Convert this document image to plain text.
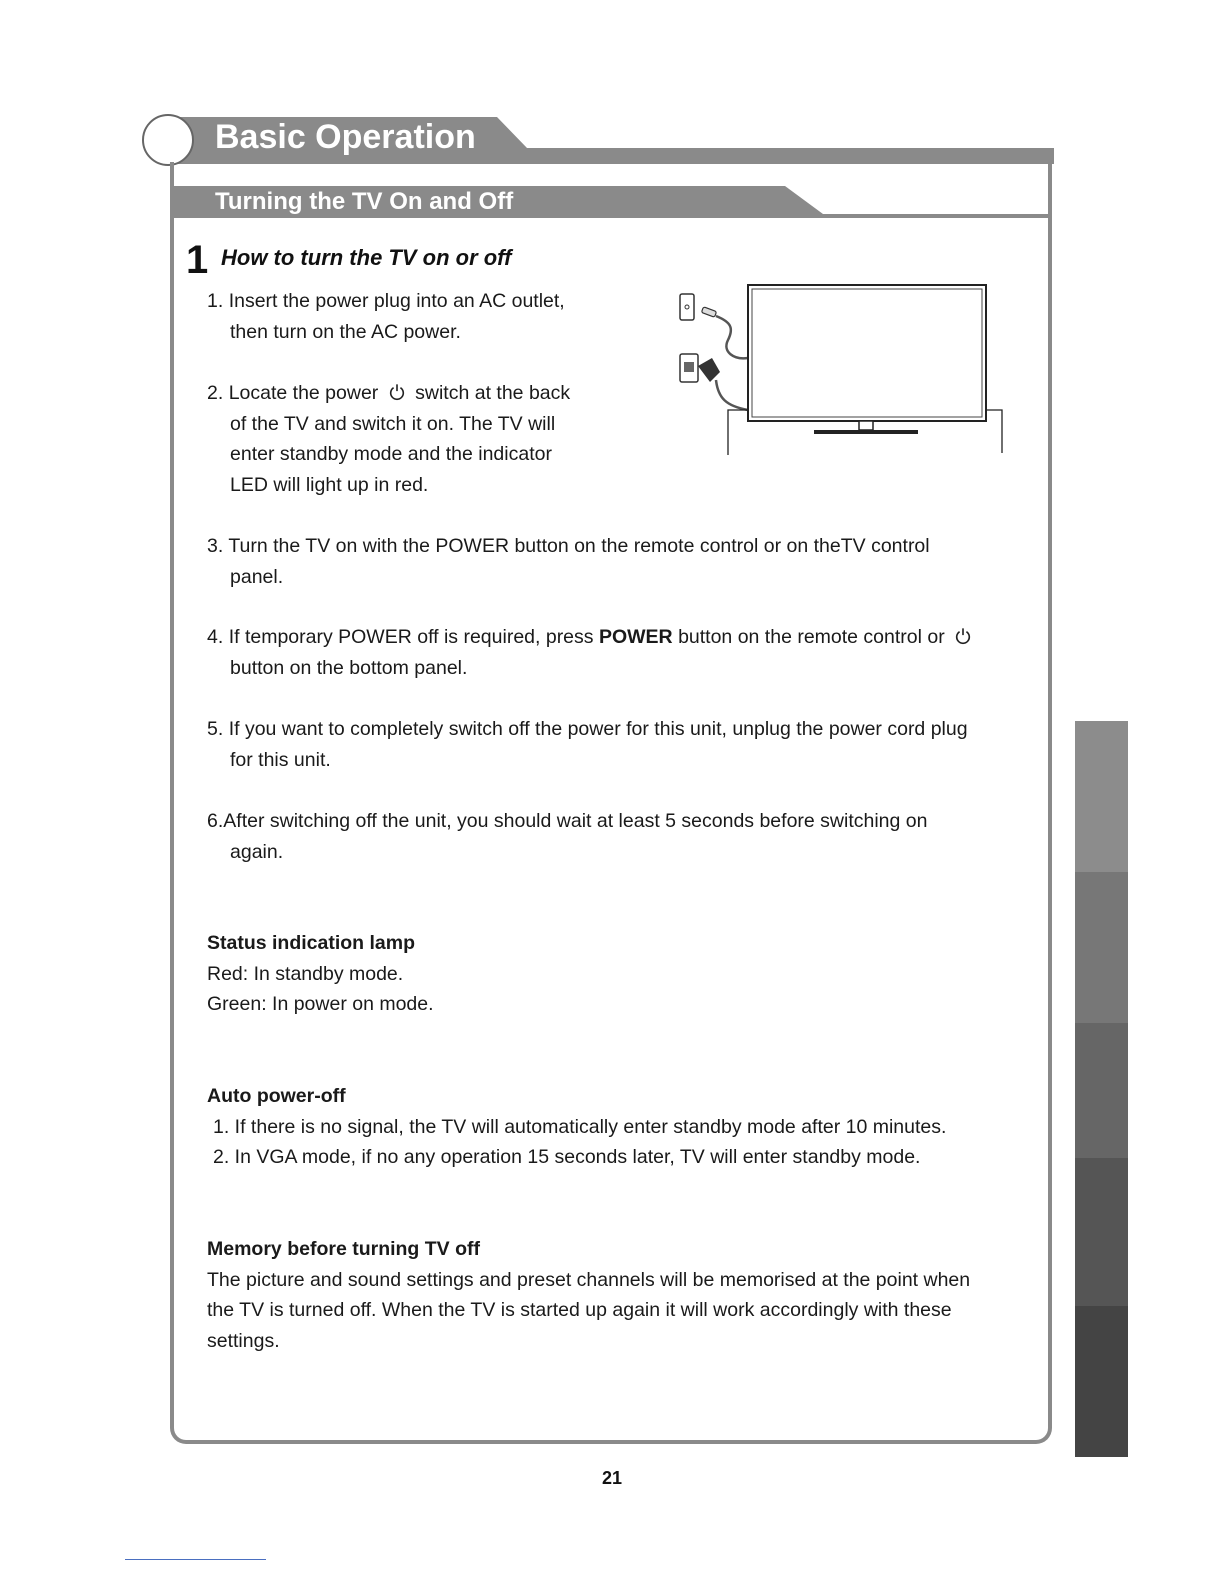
Basic Operation
Turning the TV On and Off
1 How to turn the TV on or off
1. Insert the power plug into an AC outlet,
then turn on the AC power.
2. Locate the power switch at the back
of the TV and switch it on. The TV will
enter standby mode and the indicator
LED will light up in red.
3. Turn the TV on with the POWER button on the remote control or on theTV control
panel.
4. If temporary POWER off is required, press POWER button on the remote control or
button on the bottom panel.
5. If you want to completely switch off the power for this unit, unplug the power cord plug
for this unit.
6.After switching off the unit, you should wait at least 5 seconds before switching on
again.
Status indication lamp
Red: In standby mode.
Green: In power on mode.
Auto power-off
1. If there is no signal, the TV will automatically enter standby mode after 10 minutes.
2. In VGA mode, if no any operation 15 seconds later, TV will enter standby mode.
Memory before turning TV off
The picture and sound settings and preset channels will be memorised at the point when
the TV is turned off. When the TV is started up again it will work accordingly with these
settings.
21
